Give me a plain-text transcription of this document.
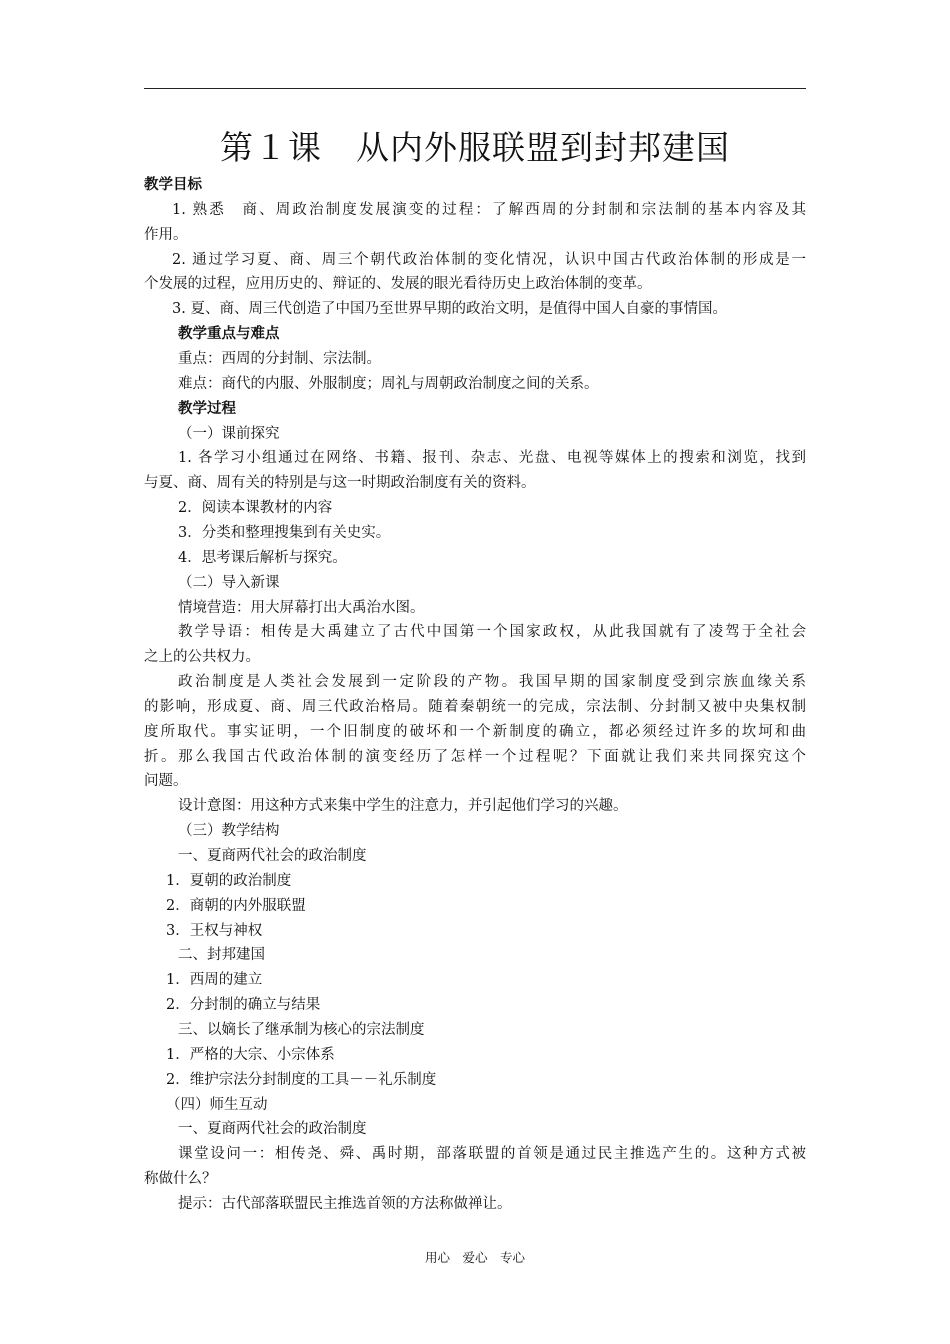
第１课　从内外服联盟到封邦建国
教学目标
1. 熟悉　商、周政治制度发展演变的过程：了解西周的分封制和宗法制的基本内容及其
作用。
2. 通过学习夏、商、周三个朝代政治体制的变化情况，认识中国古代政治体制的形成是一
个发展的过程，应用历史的、辩证的、发展的眼光看待历史上政治体制的变革。
3. 夏、商、周三代创造了中国乃至世界早期的政治文明，是值得中国人自豪的事情国。
教学重点与难点
重点：西周的分封制、宗法制。
难点：商代的内服、外服制度；周礼与周朝政治制度之间的关系。
教学过程
（一）课前探究
1. 各学习小组通过在网络、书籍、报刊、杂志、光盘、电视等媒体上的搜索和浏览，找到
与夏、商、周有关的特别是与这一时期政治制度有关的资料。
2．阅读本课教材的内容
3．分类和整理搜集到有关史实。
4．思考课后解析与探究。
（二）导入新课
情境营造：用大屏幕打出大禹治水图。
教学导语：相传是大禹建立了古代中国第一个国家政权，从此我国就有了凌驾于全社会
之上的公共权力。
政治制度是人类社会发展到一定阶段的产物。我国早期的国家制度受到宗族血缘关系
的影响，形成夏、商、周三代政治格局。随着秦朝统一的完成，宗法制、分封制又被中央集权制
度所取代。事实证明，一个旧制度的破坏和一个新制度的确立，都必须经过许多的坎坷和曲
折。那么我国古代政治体制的演变经历了怎样一个过程呢？下面就让我们来共同探究这个
问题。
设计意图：用这种方式来集中学生的注意力，并引起他们学习的兴趣。
（三）教学结构
一、夏商两代社会的政治制度
1．夏朝的政治制度
2．商朝的内外服联盟
3．王权与神权
二、封邦建国
1．西周的建立
2．分封制的确立与结果
三、以嫡长了继承制为核心的宗法制度
1．严格的大宗、小宗体系
2．维护宗法分封制度的工具－－礼乐制度
（四）师生互动
一、夏商两代社会的政治制度
课堂设问一：相传尧、舜、禹时期，部落联盟的首领是通过民主推选产生的。这种方式被
称做什么？
提示：古代部落联盟民主推选首领的方法称做禅让。
用心　爱心　专心
